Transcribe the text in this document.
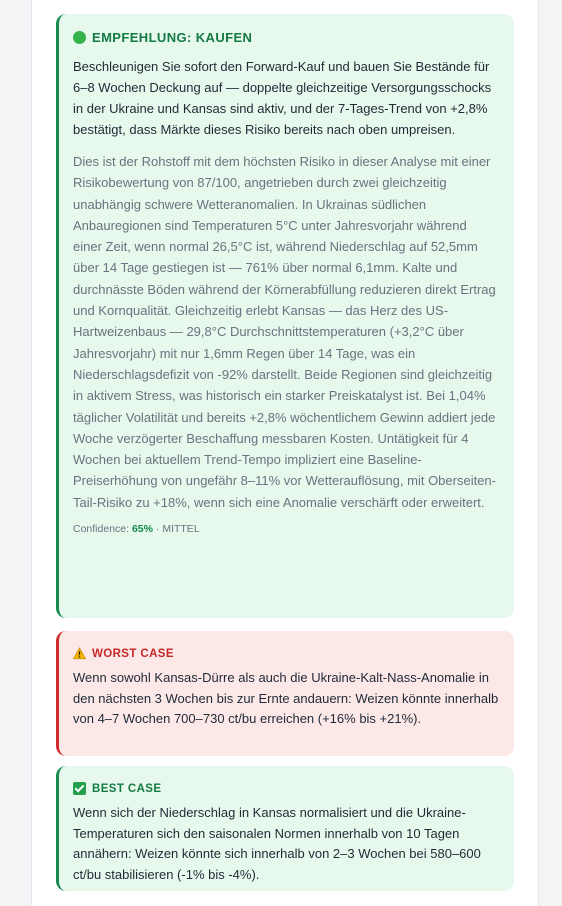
EMPFEHLUNG: KAUFEN
Beschleunigen Sie sofort den Forward-Kauf und bauen Sie Bestände für 6–8 Wochen Deckung auf — doppelte gleichzeitige Versorgungsschocks in der Ukraine und Kansas sind aktiv, und der 7-Tages-Trend von +2,8% bestätigt, dass Märkte dieses Risiko bereits nach oben umpreisen.
Dies ist der Rohstoff mit dem höchsten Risiko in dieser Analyse mit einer Risikobewertung von 87/100, angetrieben durch zwei gleichzeitig unabhängig schwere Wetteranomalien. In Ukrainas südlichen Anbauregionen sind Temperaturen 5°C unter Jahresvorjahr während einer Zeit, wenn normal 26,5°C ist, während Niederschlag auf 52,5mm über 14 Tage gestiegen ist — 761% über normal 6,1mm. Kalte und durchnässte Böden während der Körnerabfüllung reduzieren direkt Ertrag und Kornqualität. Gleichzeitig erlebt Kansas — das Herz des US-Hartweizenbaus — 29,8°C Durchschnittstemperaturen (+3,2°C über Jahresvorjahr) mit nur 1,6mm Regen über 14 Tage, was ein Niederschlagsdefizit von -92% darstellt. Beide Regionen sind gleichzeitig in aktivem Stress, was historisch ein starker Preiskatalyst ist. Bei 1,04% täglicher Volatilität und bereits +2,8% wöchentlichem Gewinn addiert jede Woche verzögerter Beschaffung messbaren Kosten. Untätigkeit für 4 Wochen bei aktuellem Trend-Tempo impliziert eine Baseline-Preiserhöhung von ungefähr 8–11% vor Wetterauflösung, mit Oberseiten-Tail-Risiko zu +18%, wenn sich eine Anomalie verschärft oder erweitert.
Confidence: 65% · MITTEL
WORST CASE
Wenn sowohl Kansas-Dürre als auch die Ukraine-Kalt-Nass-Anomalie in den nächsten 3 Wochen bis zur Ernte andauern: Weizen könnte innerhalb von 4–7 Wochen 700–730 ct/bu erreichen (+16% bis +21%).
BEST CASE
Wenn sich der Niederschlag in Kansas normalisiert und die Ukraine-Temperaturen sich den saisonalen Normen innerhalb von 10 Tagen annähern: Weizen könnte sich innerhalb von 2–3 Wochen bei 580–600 ct/bu stabilisieren (-1% bis -4%).
